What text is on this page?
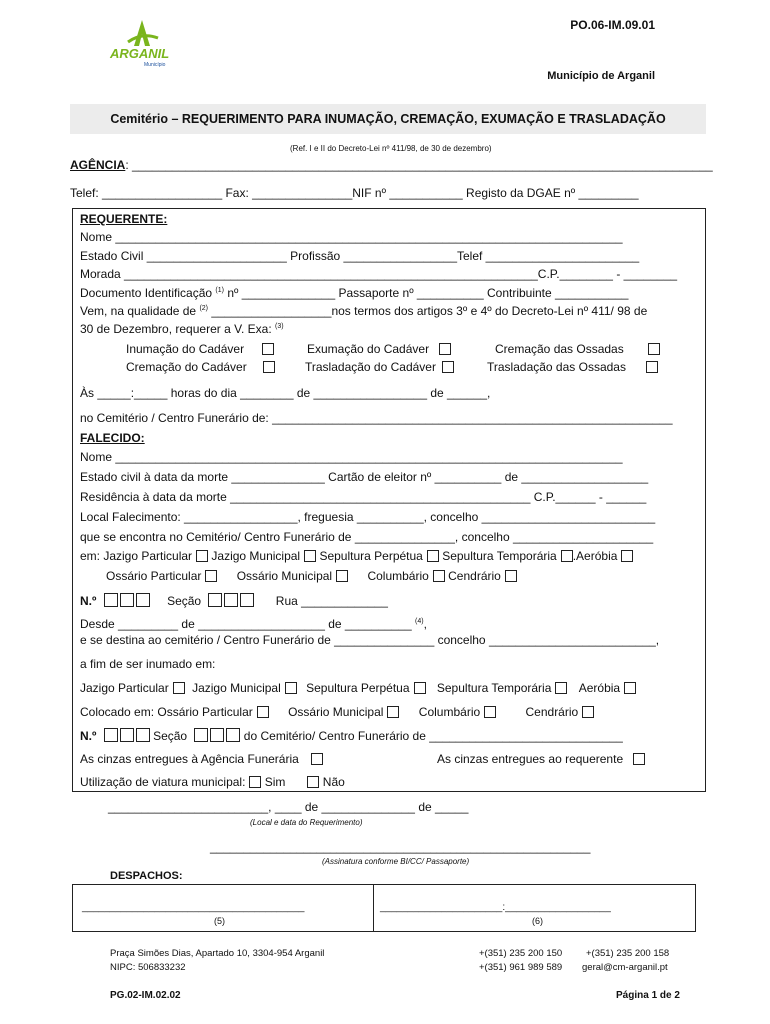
ARGANIL
Município
PO.06-IM.09.01
Município de Arganil
Cemitério – REQUERIMENTO PARA INUMAÇÃO, CREMAÇÃO, EXUMAÇÃO E TRASLADAÇÃO
(Ref. I e II do Decreto-Lei nº 411/98, de 30 de dezembro)
AGÊNCIA: _______________________________________________________________________________________
Telef: __________________ Fax: _______________NIF nº ___________ Registo da DGAE nº _________
REQUERENTE:
Nome ____________________________________________________________________________
Estado Civil _____________________ Profissão _________________Telef _______________________
Morada ______________________________________________________________C.P.________ - ________
Documento Identificação $^{(1)}$ nº ______________ Passaporte nº __________ Contribuinte ___________
Vem, na qualidade de $^{(2)}$ __________________nos termos dos artigos 3º e 4º do Decreto-Lei nº 411/ 98 de
30 de Dezembro, requerer a V. Exa: $^{(3)}$
Inumação do Cadáver	Exumação do Cadáver	Cremação das Ossadas
Cremação do Cadáver	Trasladação do Cadáver	Trasladação das Ossadas
Às _____:_____ horas do dia ________ de _________________ de ______,
no Cemitério / Centro Funerário de: ____________________________________________________________
FALECIDO:
Nome ____________________________________________________________________________
Estado civil à data da morte ______________ Cartão de eleitor nº __________ de ___________________
Residência à data da morte _____________________________________________ C.P.______ - ______
Local Falecimento: _________________, freguesia __________, concelho __________________________
que se encontra no Cemitério/ Centro Funerário de _______________, concelho _____________________
em: Jazigo Particular Jazigo Municipal Sepultura Perpétua Sepultura Temporária .Aeróbia
Ossário Particular	Ossário Municipal	Columbário Cendrário
N.º	Seção	Rua _____________
Desde _________ de ___________________ de __________ $^{(4)}$,
e se destina ao cemitério / Centro Funerário de _______________ concelho _________________________,
a fim de ser inumado em:
Jazigo Particular Jazigo Municipal Sepultura Perpétua Sepultura Temporária Aeróbia
Colocado em: Ossário Particular	Ossário Municipal	Columbário	Cendrário
N.º	Seção	do Cemitério/ Centro Funerário de _____________________________
As cinzas entregues à Agência Funerária	As cinzas entregues ao requerente
Utilização de viatura municipal: Sim	Não
________________________, ____ de ______________ de _____
(Local e data do Requerimento)
_________________________________________________________
(Assinatura conforme BI/CC/ Passaporte)
DESPACHOS:
________________________________________
(5)
______________________:___________________
(6)
Praça Simões Dias, Apartado 10, 3304-954 Arganil
NIPC: 506833232
+(351) 235 200 150	+(351) 235 200 158
+(351) 961 989 589 geral@cm-arganil.pt
PG.02-IM.02.02	Página 1 de 2
